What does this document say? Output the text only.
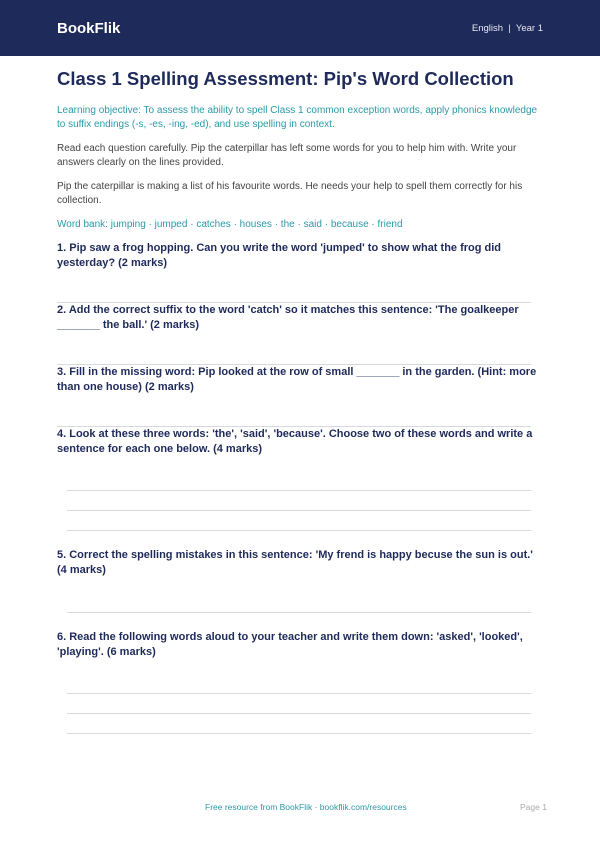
BookFlik	English  |  Year 1
Class 1 Spelling Assessment: Pip's Word Collection
Learning objective: To assess the ability to spell Class 1 common exception words, apply phonics knowledge to suffix endings (-s, -es, -ing, -ed), and use spelling in context.
Read each question carefully. Pip the caterpillar has left some words for you to help him with. Write your answers clearly on the lines provided.
Pip the caterpillar is making a list of his favourite words. He needs your help to spell them correctly for his collection.
Word bank: jumping · jumped · catches · houses · the · said · because · friend
1. Pip saw a frog hopping. Can you write the word 'jumped' to show what the frog did yesterday? (2 marks)
2. Add the correct suffix to the word 'catch' so it matches this sentence: 'The goalkeeper _______ the ball.' (2 marks)
3. Fill in the missing word: Pip looked at the row of small _______ in the garden. (Hint: more than one house) (2 marks)
4. Look at these three words: 'the', 'said', 'because'. Choose two of these words and write a sentence for each one below. (4 marks)
5. Correct the spelling mistakes in this sentence: 'My frend is happy becuse the sun is out.' (4 marks)
6. Read the following words aloud to your teacher and write them down: 'asked', 'looked', 'playing'. (6 marks)
Free resource from BookFlik · bookflik.com/resources	Page 1
